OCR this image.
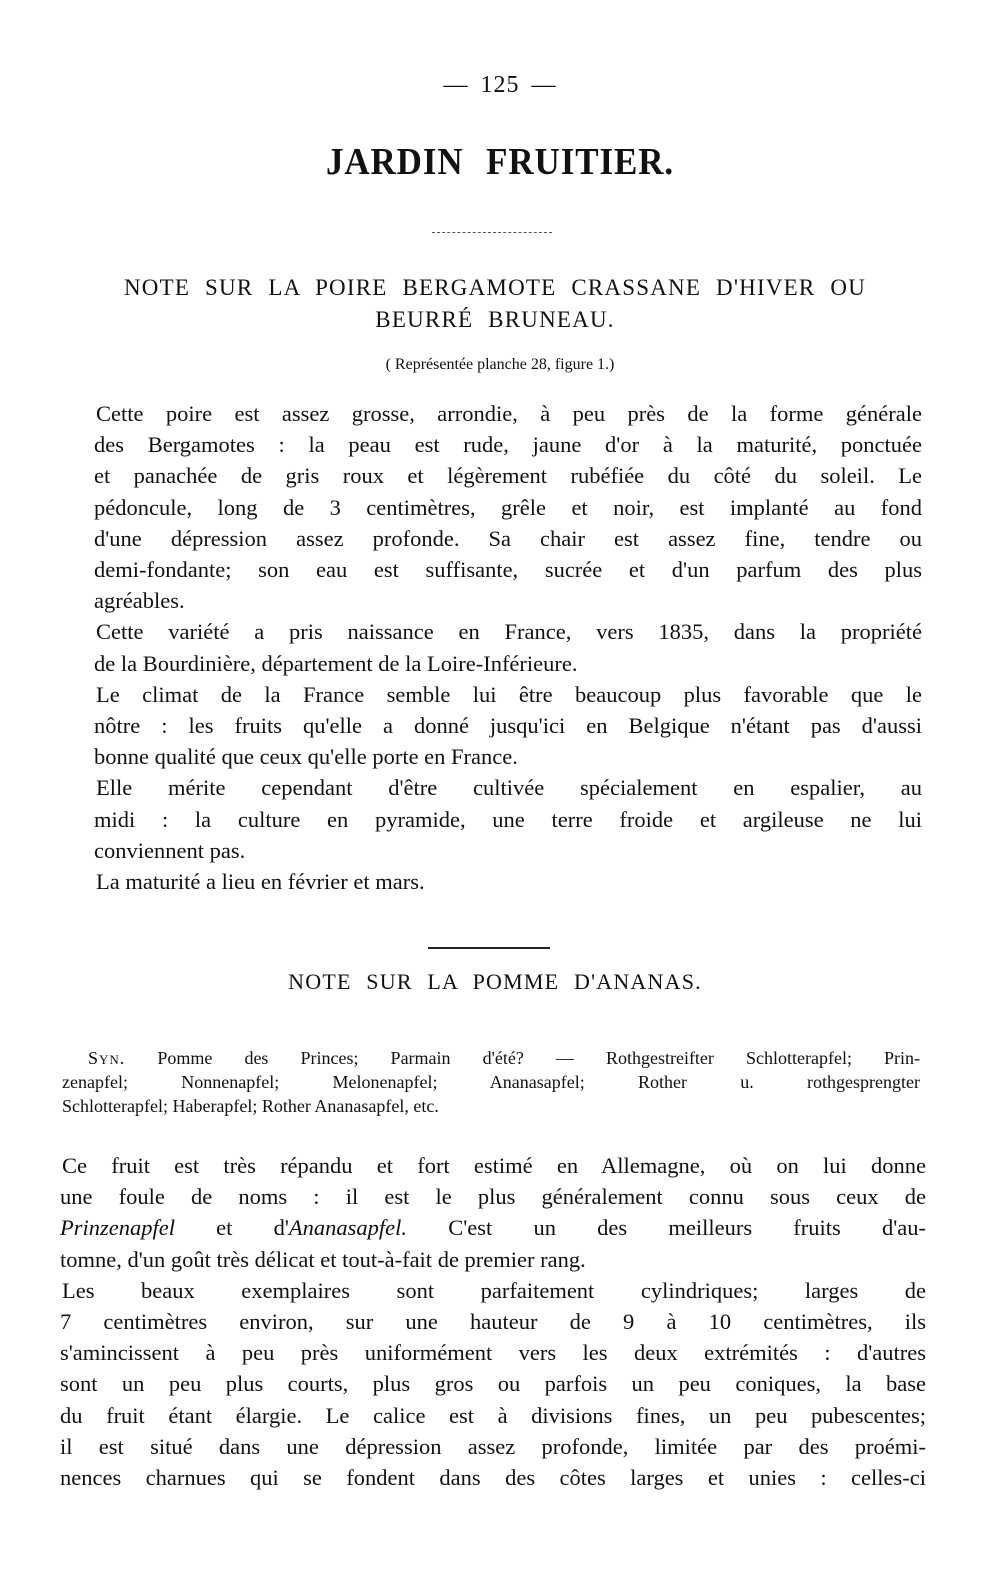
— 125 —
JARDIN FRUITIER.
NOTE SUR LA POIRE BERGAMOTE CRASSANE D'HIVER OU
BEURRÉ BRUNEAU.
( Représentée planche 28, figure 1.)

Cette poire est assez grosse, arrondie, à peu près de la forme générale
des Bergamotes : la peau est rude, jaune d'or à la maturité, ponctuée
et panachée de gris roux et légèrement rubéfiée du côté du soleil. Le
pédoncule, long de 3 centimètres, grêle et noir, est implanté au fond
d'une dépression assez profonde. Sa chair est assez fine, tendre ou
demi-fondante; son eau est suffisante, sucrée et d'un parfum des plus
agréables.

Cette variété a pris naissance en France, vers 1835, dans la propriété
de la Bourdinière, département de la Loire-Inférieure.

Le climat de la France semble lui être beaucoup plus favorable que le
nôtre : les fruits qu'elle a donné jusqu'ici en Belgique n'étant pas d'aussi
bonne qualité que ceux qu'elle porte en France.

Elle mérite cependant d'être cultivée spécialement en espalier, au
midi : la culture en pyramide, une terre froide et argileuse ne lui
conviennent pas.

La maturité a lieu en février et mars.

NOTE SUR LA POMME D'ANANAS.
Syn. Pomme des Princes; Parmain d'été? — Rothgestreifter Schlotterapfel; Prin-
zenapfel; Nonnenapfel; Melonenapfel; Ananasapfel; Rother u. rothgesprengter
Schlotterapfel; Haberapfel; Rother Ananasapfel, etc.

Ce fruit est très répandu et fort estimé en Allemagne, où on lui donne
une foule de noms : il est le plus généralement connu sous ceux de
Prinzenapfel et d'Ananasapfel. C'est un des meilleurs fruits d'au-
tomne, d'un goût très délicat et tout-à-fait de premier rang.

Les beaux exemplaires sont parfaitement cylindriques; larges de
7 centimètres environ, sur une hauteur de 9 à 10 centimètres, ils
s'amincissent à peu près uniformément vers les deux extrémités : d'autres
sont un peu plus courts, plus gros ou parfois un peu coniques, la base
du fruit étant élargie. Le calice est à divisions fines, un peu pubescentes;
il est situé dans une dépression assez profonde, limitée par des proémi-
nences charnues qui se fondent dans des côtes larges et unies : celles-ci
